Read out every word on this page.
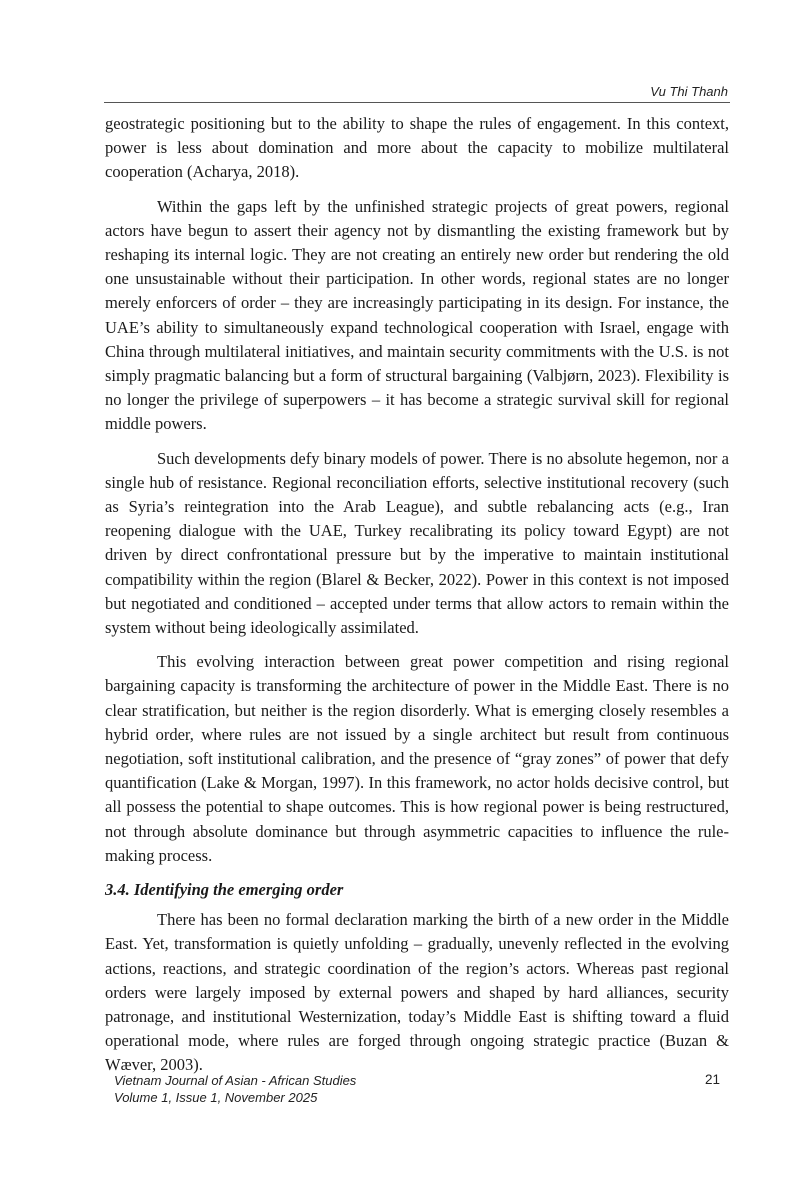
Vu Thi Thanh

geostrategic positioning but to the ability to shape the rules of engagement. In this context, power is less about domination and more about the capacity to mobilize multilateral cooperation (Acharya, 2018).

Within the gaps left by the unfinished strategic projects of great powers, regional actors have begun to assert their agency not by dismantling the existing framework but by reshaping its internal logic. They are not creating an entirely new order but rendering the old one unsustainable without their participation. In other words, regional states are no longer merely enforcers of order – they are increasingly participating in its design. For instance, the UAE’s ability to simultaneously expand technological cooperation with Israel, engage with China through multilateral initiatives, and maintain security commitments with the U.S. is not simply pragmatic balancing but a form of structural bargaining (Valbjørn, 2023). Flexibility is no longer the privilege of superpowers – it has become a strategic survival skill for regional middle powers.

Such developments defy binary models of power. There is no absolute hegemon, nor a single hub of resistance. Regional reconciliation efforts, selective institutional recovery (such as Syria’s reintegration into the Arab League), and subtle rebalancing acts (e.g., Iran reopening dialogue with the UAE, Turkey recalibrating its policy toward Egypt) are not driven by direct confrontational pressure but by the imperative to maintain institutional compatibility within the region (Blarel & Becker, 2022). Power in this context is not imposed but negotiated and conditioned – accepted under terms that allow actors to remain within the system without being ideologically assimilated.

This evolving interaction between great power competition and rising regional bargaining capacity is transforming the architecture of power in the Middle East. There is no clear stratification, but neither is the region disorderly. What is emerging closely resembles a hybrid order, where rules are not issued by a single architect but result from continuous negotiation, soft institutional calibration, and the presence of “gray zones” of power that defy quantification (Lake & Morgan, 1997). In this framework, no actor holds decisive control, but all possess the potential to shape outcomes. This is how regional power is being restructured, not through absolute dominance but through asymmetric capacities to influence the rule-making process.

3.4. Identifying the emerging order

There has been no formal declaration marking the birth of a new order in the Middle East. Yet, transformation is quietly unfolding – gradually, unevenly reflected in the evolving actions, reactions, and strategic coordination of the region’s actors. Whereas past regional orders were largely imposed by external powers and shaped by hard alliances, security patronage, and institutional Westernization, today’s Middle East is shifting toward a fluid operational mode, where rules are forged through ongoing strategic practice (Buzan & Wæver, 2003).

Vietnam Journal of Asian - African Studies
Volume 1, Issue 1, November 2025
21
